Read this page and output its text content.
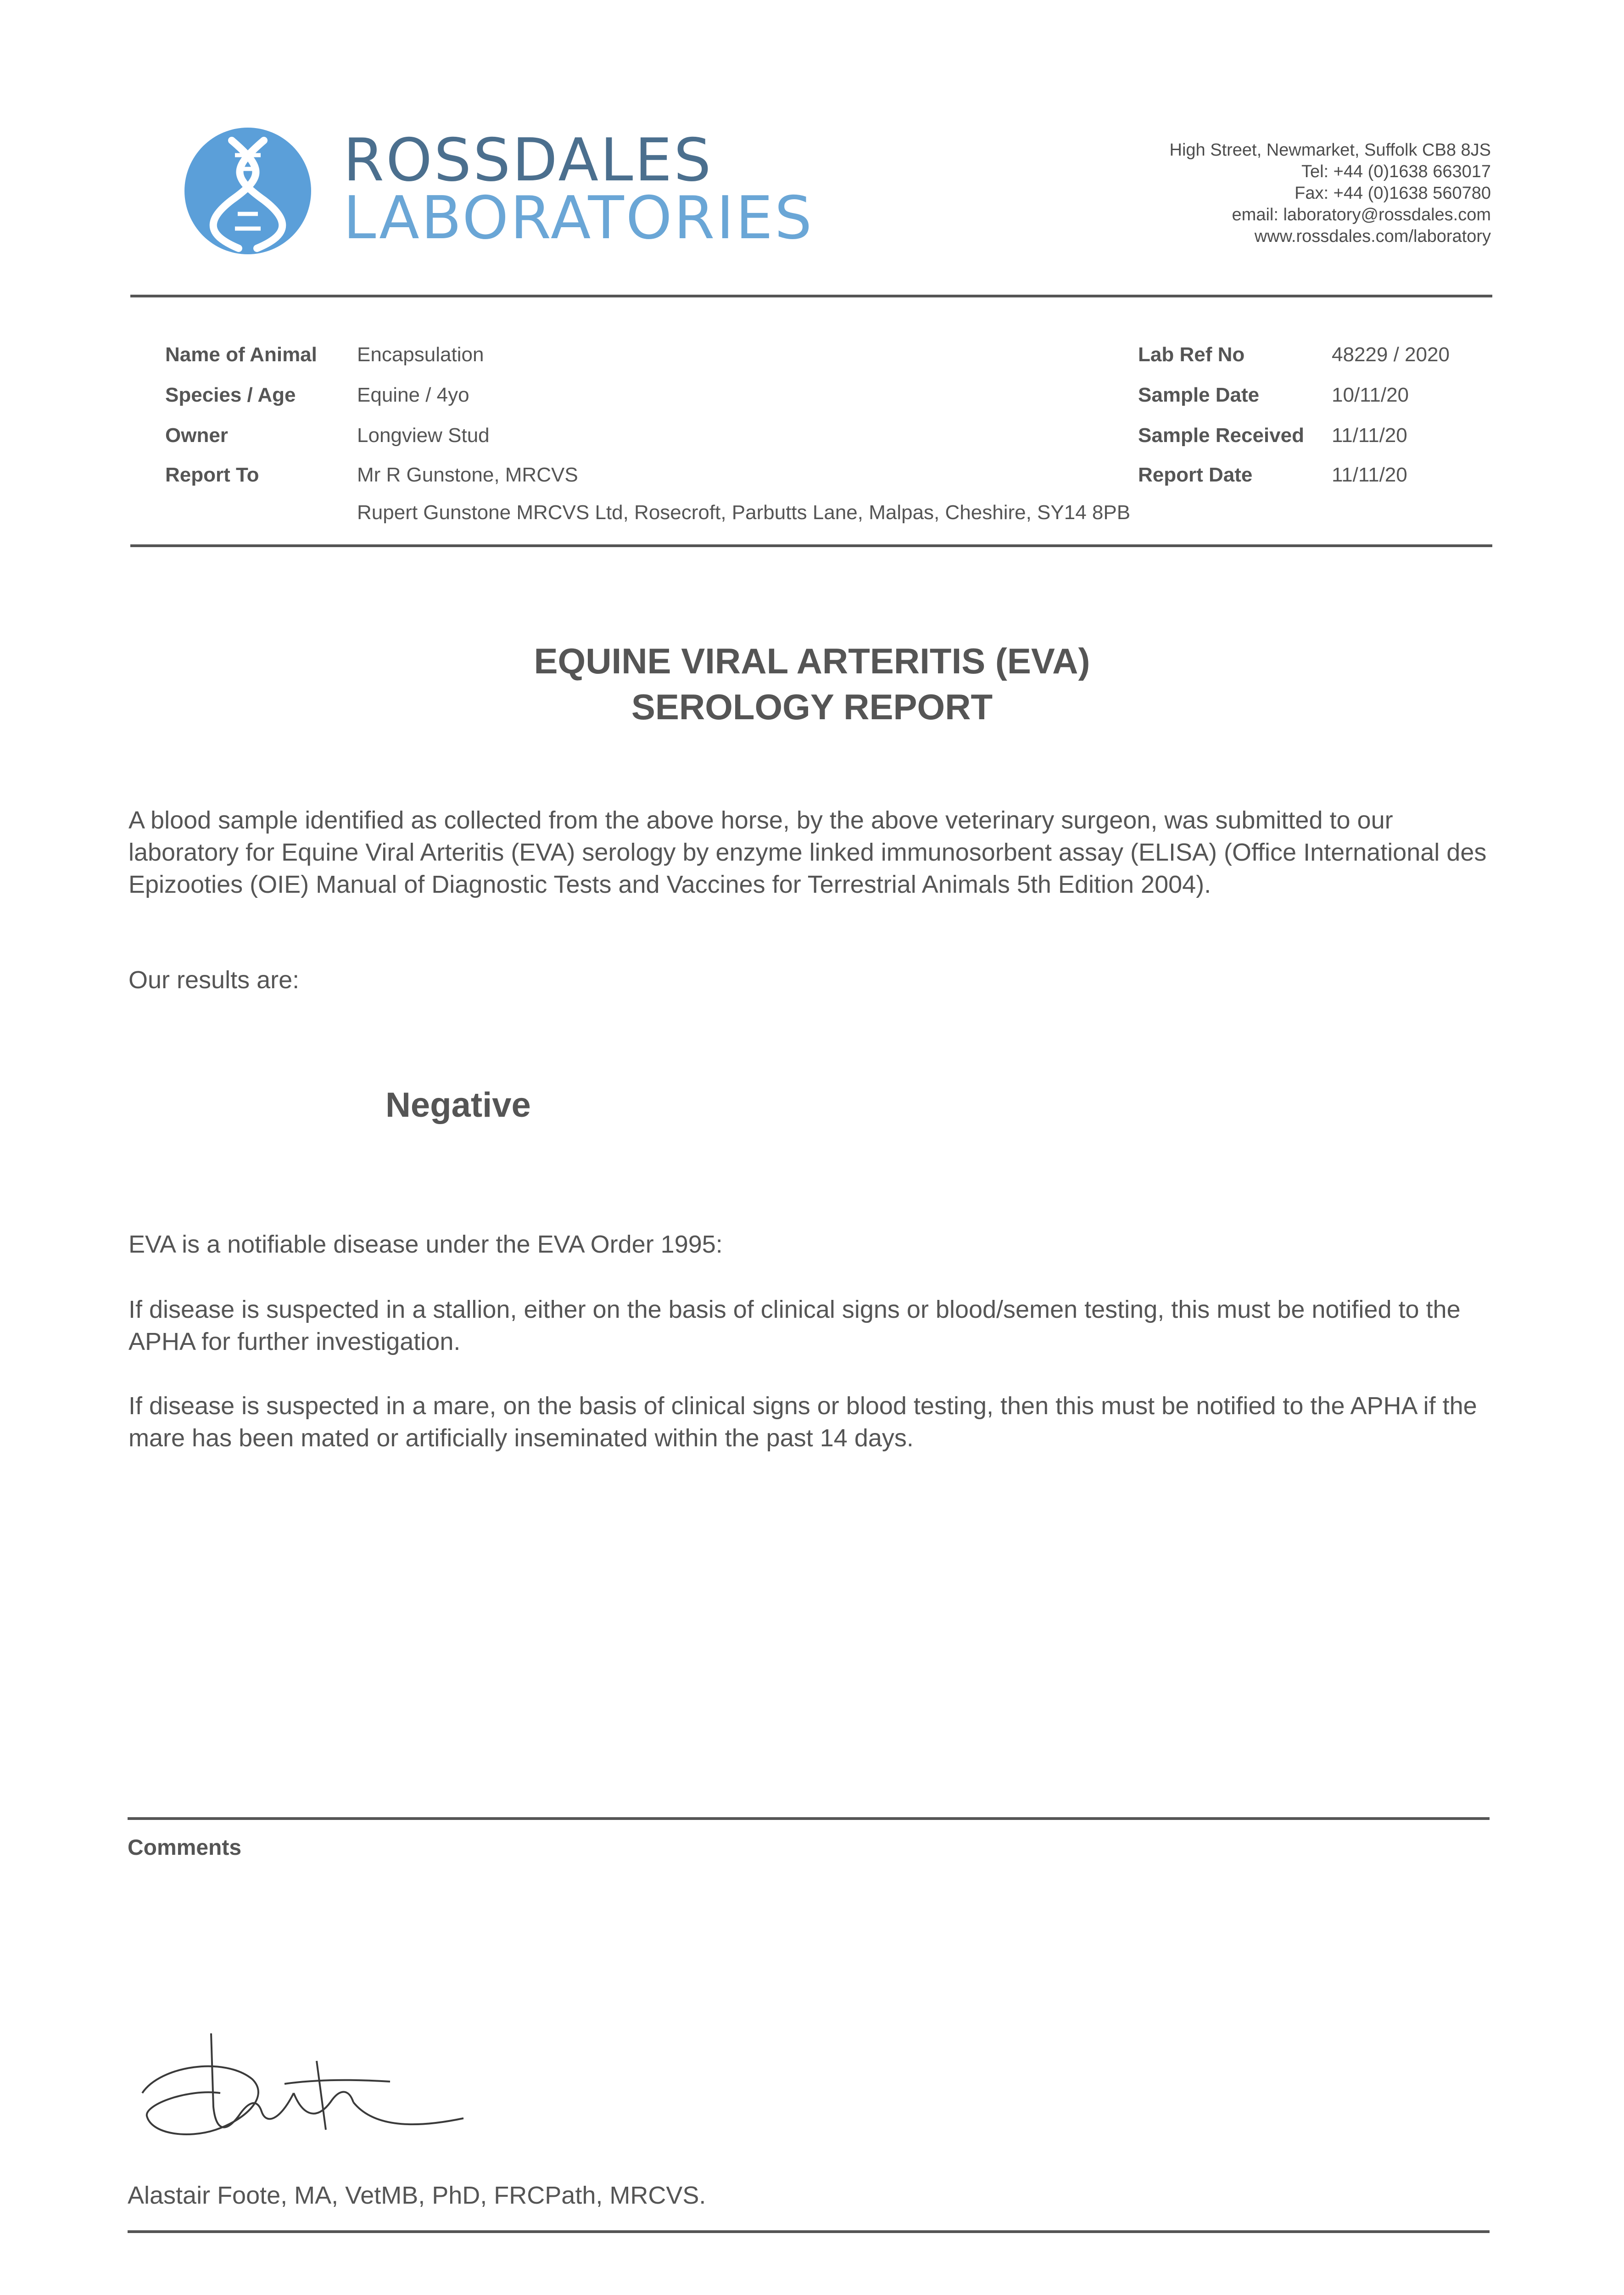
ROSSDALES
LABORATORIES
High Street, Newmarket, Suffolk CB8 8JS
Tel: +44 (0)1638 663017
Fax: +44 (0)1638 560780
email: laboratory@rossdales.com
www.rossdales.com/laboratory
Name of Animal Encapsulation
Species / Age	Equine / 4yo
Owner	Longview Stud
Report To	Mr R Gunstone, MRCVS
Rupert Gunstone MRCVS Ltd, Rosecroft, Parbutts Lane, Malpas, Cheshire, SY14 8PB
Lab Ref No	48229 / 2020
Sample Date	10/11/20
Sample Received 11/11/20
Report Date	11/11/20
EQUINE VIRAL ARTERITIS (EVA)
SEROLOGY REPORT
A blood sample identified as collected from the above horse, by the above veterinary surgeon, was submitted to our laboratory for Equine Viral Arteritis (EVA) serology by enzyme linked immunosorbent assay (ELISA) (Office International des Epizooties (OIE) Manual of Diagnostic Tests and Vaccines for Terrestrial Animals 5th Edition 2004).
Our results are:
Negative
EVA is a notifiable disease under the EVA Order 1995:
If disease is suspected in a stallion, either on the basis of clinical signs or blood/semen testing, this must be notified to the APHA for further investigation.
If disease is suspected in a mare, on the basis of clinical signs or blood testing, then this must be notified to the APHA if the mare has been mated or artificially inseminated within the past 14 days.
Comments
Alastair Foote, MA, VetMB, PhD, FRCPath, MRCVS.
